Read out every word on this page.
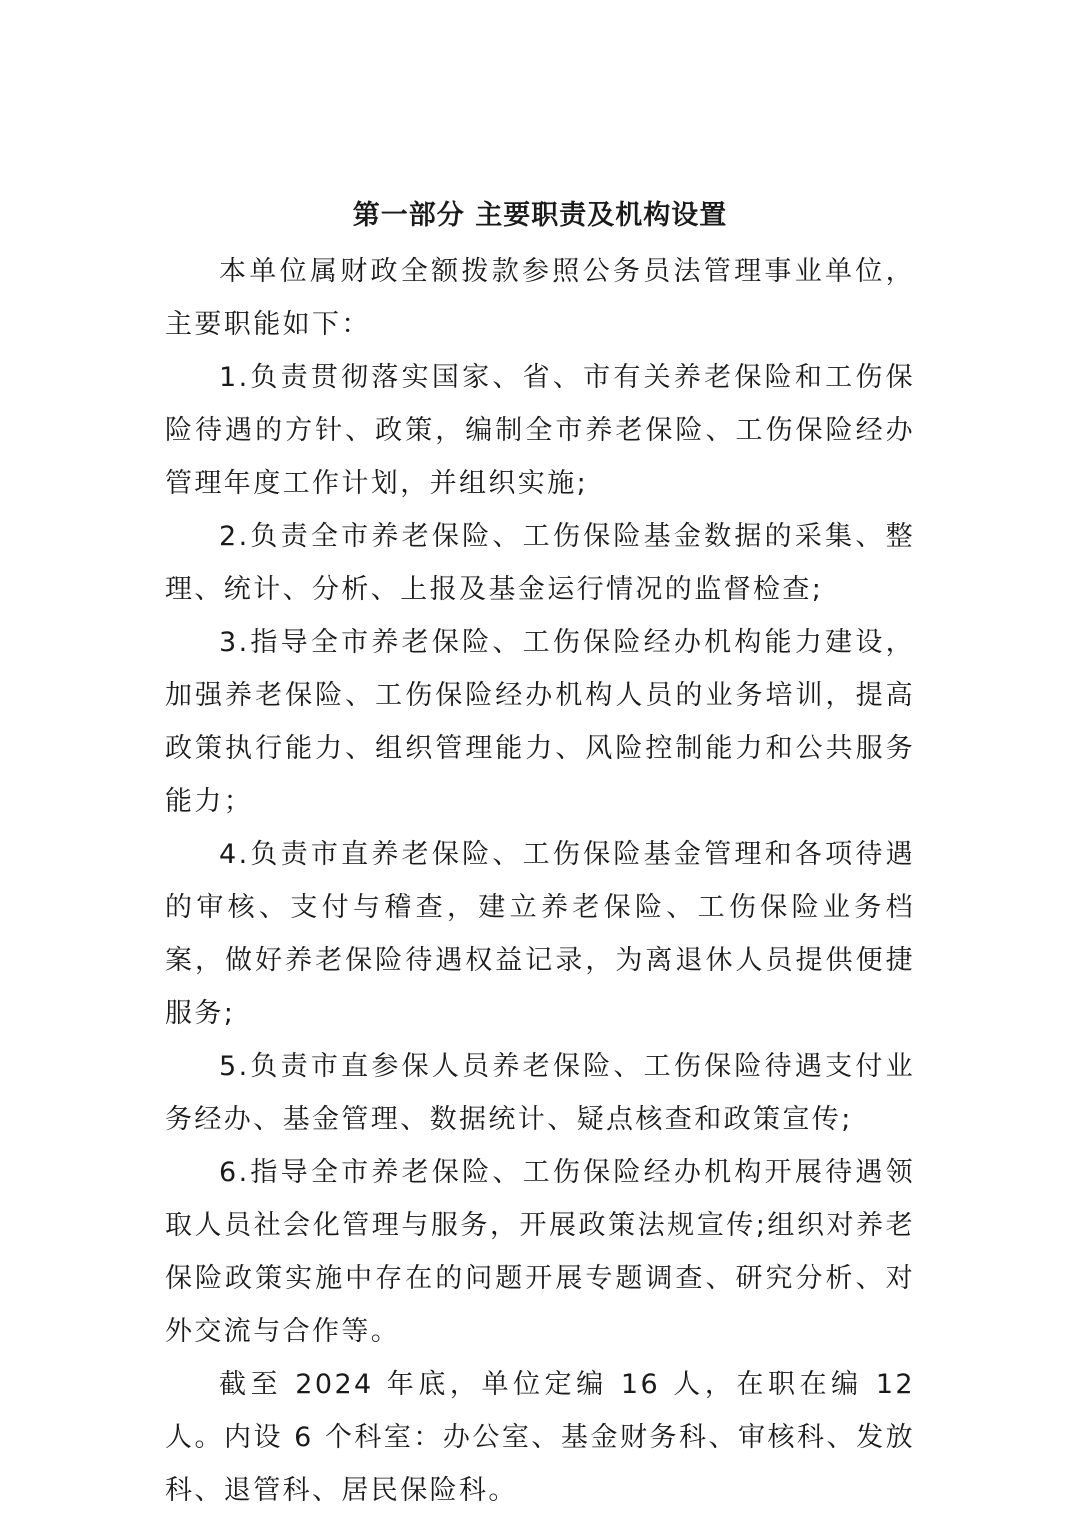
第一部分 主要职责及机构设置

本单位属财政全额拨款参照公务员法管理事业单位，主要职能如下：

1.负责贯彻落实国家、省、市有关养老保险和工伤保险待遇的方针、政策，编制全市养老保险、工伤保险经办管理年度工作计划，并组织实施;

2.负责全市养老保险、工伤保险基金数据的采集、整理、统计、分析、上报及基金运行情况的监督检查;

3.指导全市养老保险、工伤保险经办机构能力建设，加强养老保险、工伤保险经办机构人员的业务培训，提高政策执行能力、组织管理能力、风险控制能力和公共服务能力；

4.负责市直养老保险、工伤保险基金管理和各项待遇的审核、支付与稽查，建立养老保险、工伤保险业务档案，做好养老保险待遇权益记录，为离退休人员提供便捷服务;

5.负责市直参保人员养老保险、工伤保险待遇支付业务经办、基金管理、数据统计、疑点核查和政策宣传;

6.指导全市养老保险、工伤保险经办机构开展待遇领取人员社会化管理与服务，开展政策法规宣传;组织对养老保险政策实施中存在的问题开展专题调查、研究分析、对外交流与合作等。

截至 2024 年底，单位定编 16 人，在职在编 12 人。内设 6 个科室：办公室、基金财务科、审核科、发放科、退管科、居民保险科。
